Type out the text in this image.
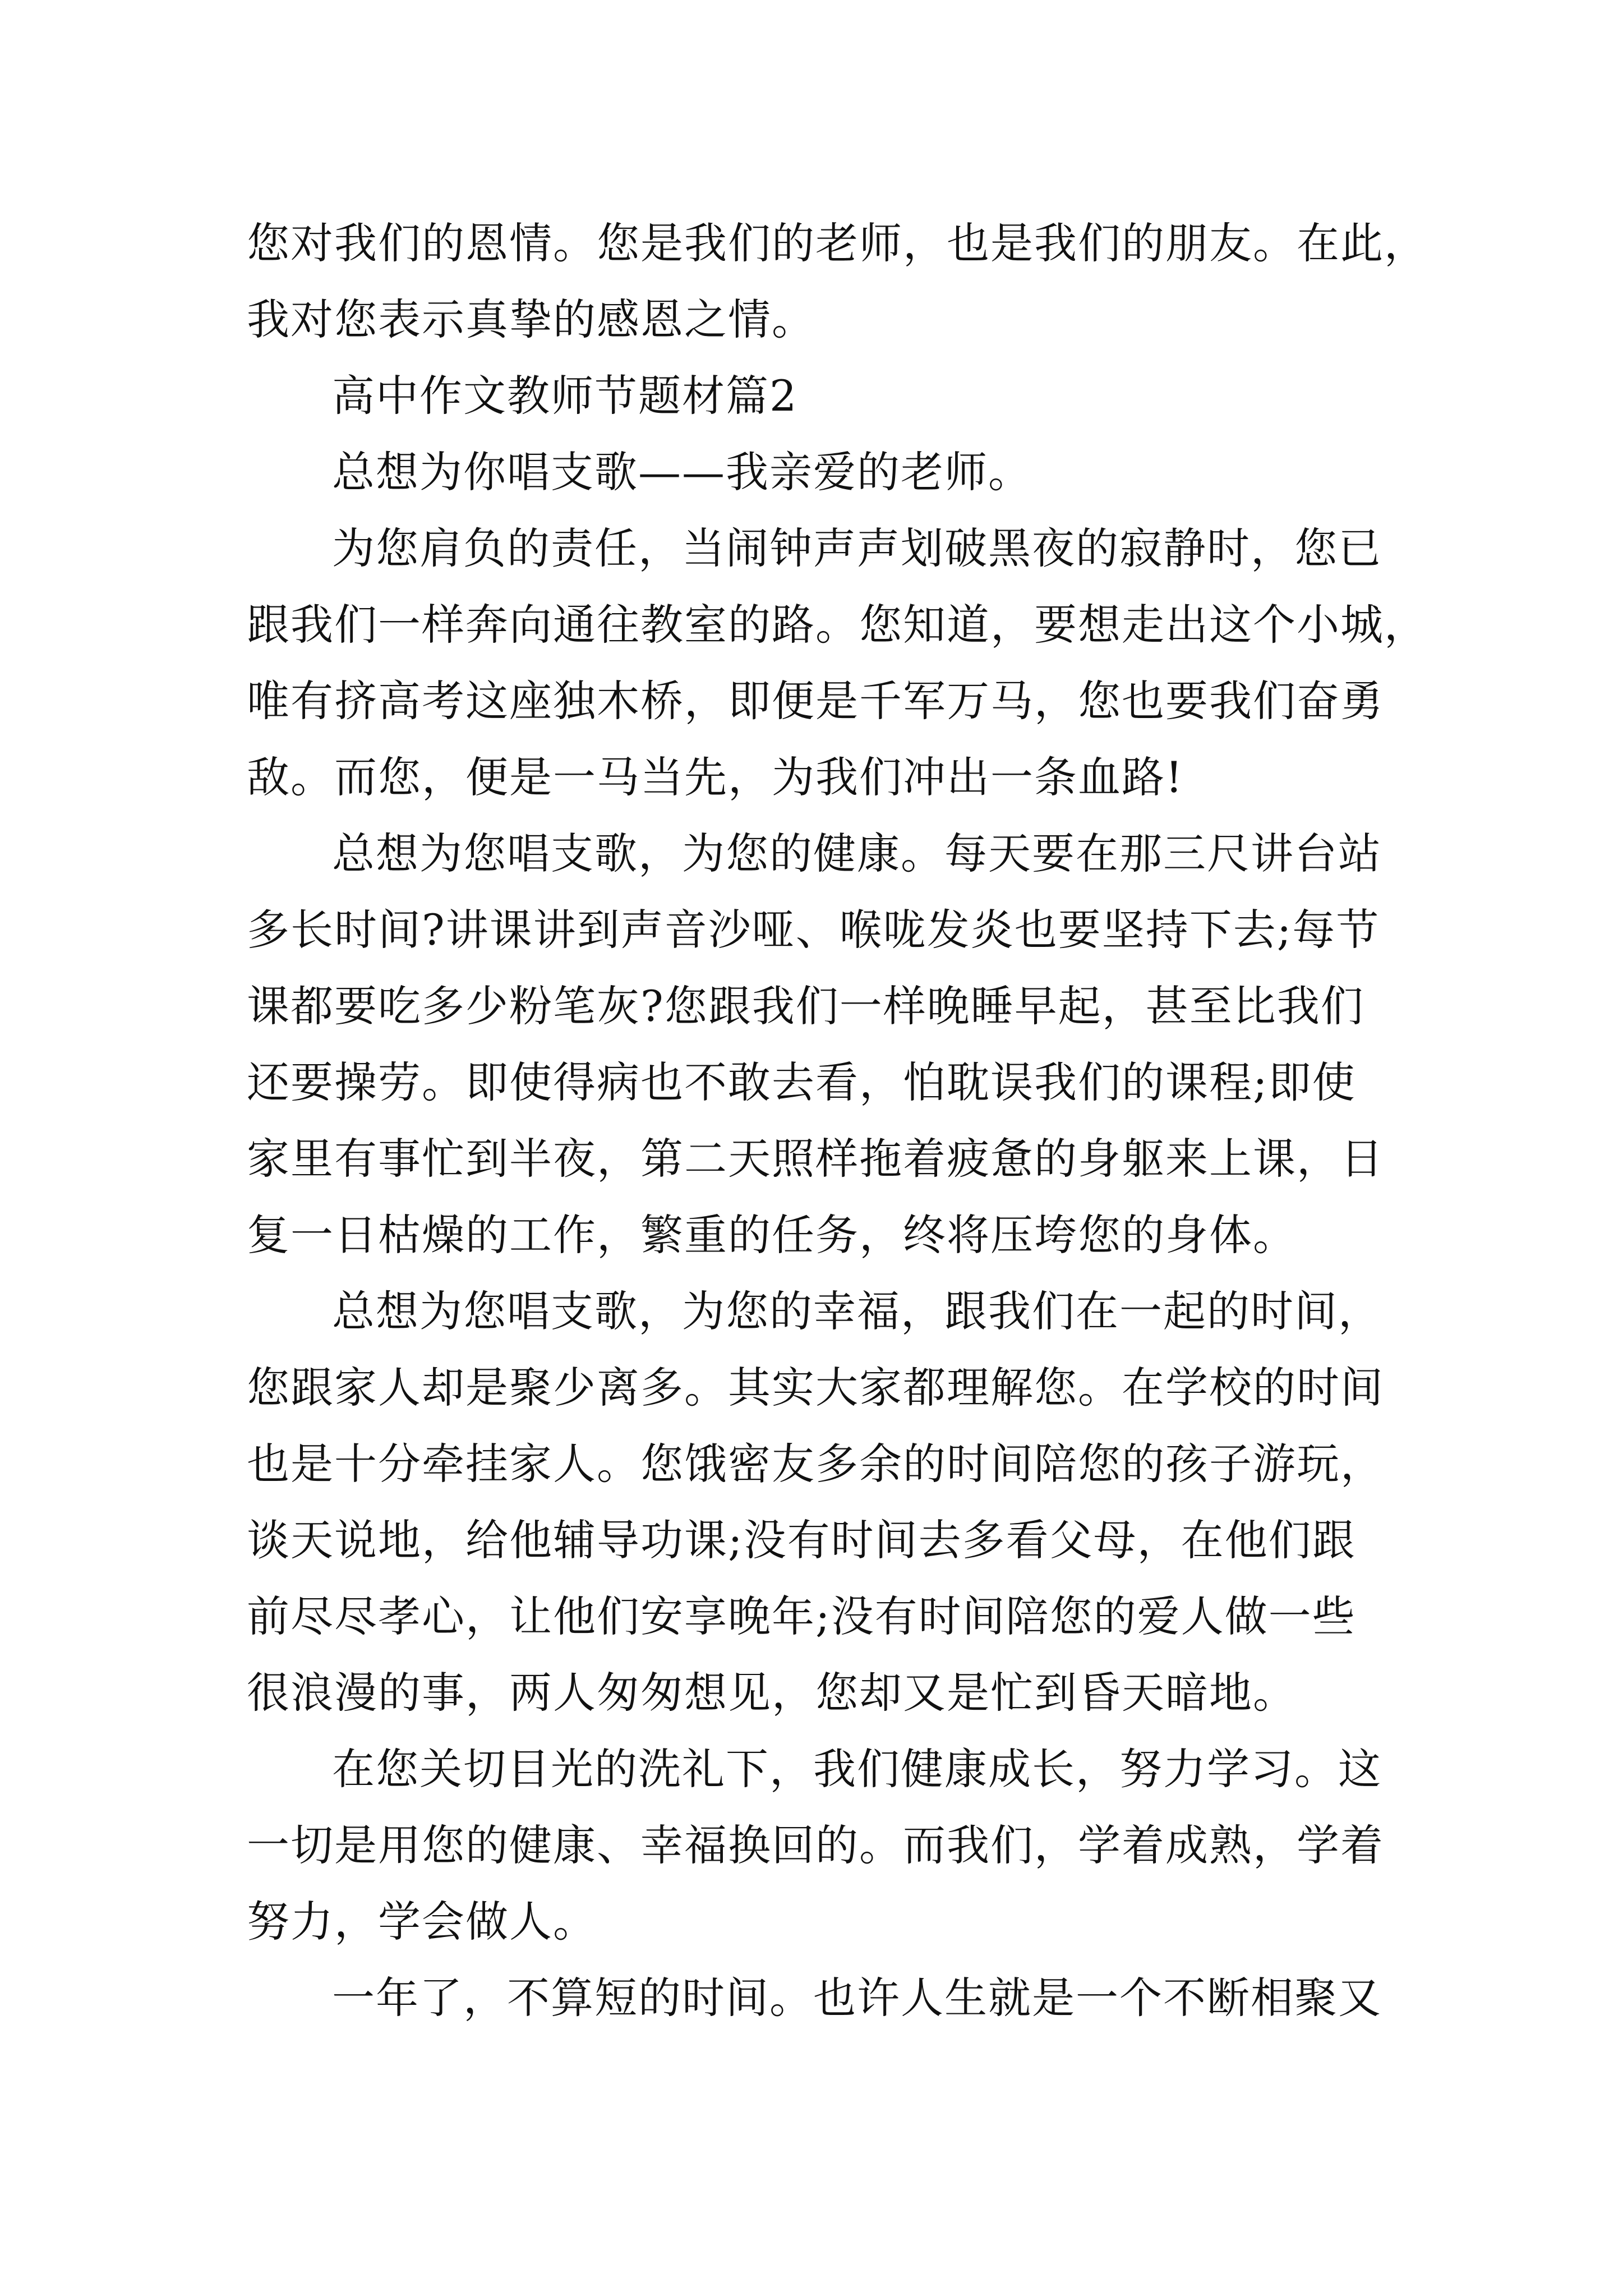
您对我们的恩情。您是我们的老师，也是我们的朋友。在此，
我对您表示真挚的感恩之情。
高中作文教师节题材篇2
总想为你唱支歌——我亲爱的老师。
为您肩负的责任，当闹钟声声划破黑夜的寂静时，您已
跟我们一样奔向通往教室的路。您知道，要想走出这个小城，
唯有挤高考这座独木桥，即便是千军万马，您也要我们奋勇
敌。而您，便是一马当先，为我们冲出一条血路!
总想为您唱支歌，为您的健康。每天要在那三尺讲台站
多长时间?讲课讲到声音沙哑、喉咙发炎也要坚持下去;每节
课都要吃多少粉笔灰?您跟我们一样晚睡早起，甚至比我们
还要操劳。即使得病也不敢去看，怕耽误我们的课程;即使
家里有事忙到半夜，第二天照样拖着疲惫的身躯来上课，日
复一日枯燥的工作，繁重的任务，终将压垮您的身体。
总想为您唱支歌，为您的幸福，跟我们在一起的时间，
您跟家人却是聚少离多。其实大家都理解您。在学校的时间
也是十分牵挂家人。您饿密友多余的时间陪您的孩子游玩，
谈天说地，给他辅导功课;没有时间去多看父母，在他们跟
前尽尽孝心，让他们安享晚年;没有时间陪您的爱人做一些
很浪漫的事，两人匆匆想见，您却又是忙到昏天暗地。
在您关切目光的洗礼下，我们健康成长，努力学习。这
一切是用您的健康、幸福换回的。而我们，学着成熟，学着
努力，学会做人。
一年了，不算短的时间。也许人生就是一个不断相聚又
